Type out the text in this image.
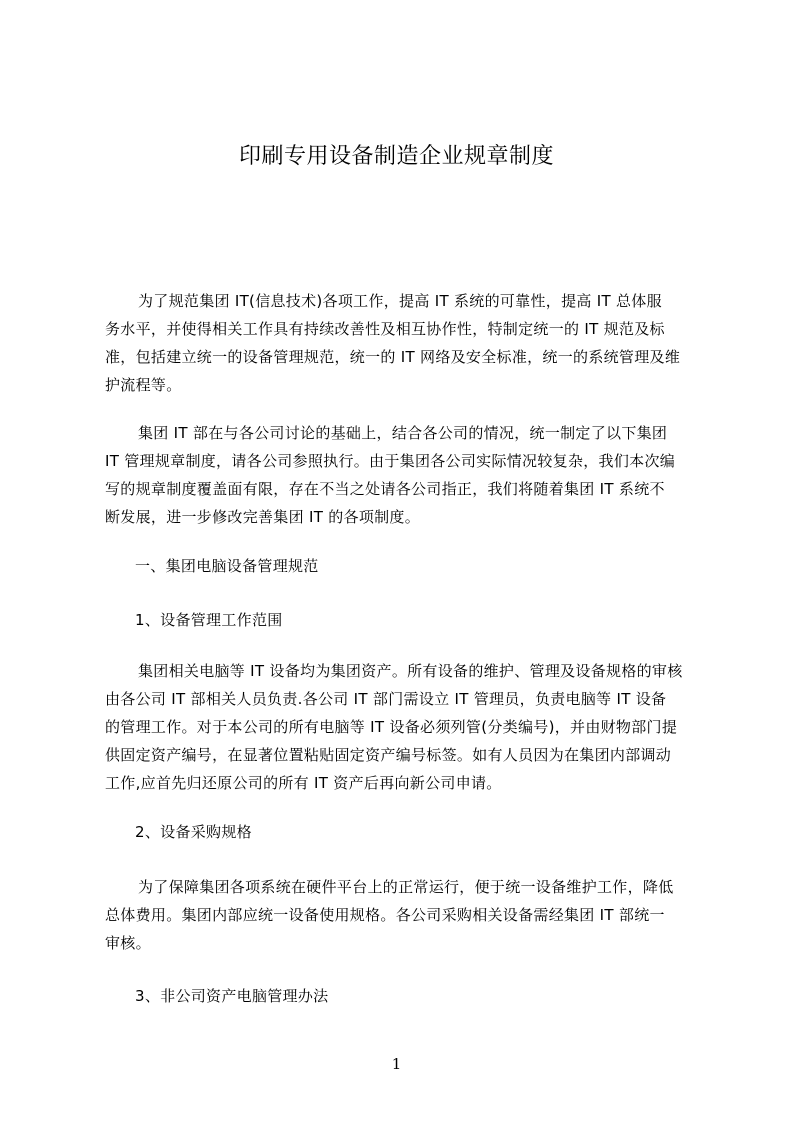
印刷专用设备制造企业规章制度
为了规范集团 IT(信息技术)各项工作，提高 IT 系统的可靠性，提高 IT 总体服
务水平，并使得相关工作具有持续改善性及相互协作性，特制定统一的 IT 规范及标
准，包括建立统一的设备管理规范，统一的 IT 网络及安全标准，统一的系统管理及维
护流程等。
集团 IT 部在与各公司讨论的基础上，结合各公司的情况，统一制定了以下集团
IT 管理规章制度，请各公司参照执行。由于集团各公司实际情况较复杂，我们本次编
写的规章制度覆盖面有限，存在不当之处请各公司指正，我们将随着集团 IT 系统不
断发展，进一步修改完善集团 IT 的各项制度。
一、集团电脑设备管理规范
1、设备管理工作范围
集团相关电脑等 IT 设备均为集团资产。所有设备的维护、管理及设备规格的审核
由各公司 IT 部相关人员负责.各公司 IT 部门需设立 IT 管理员，负责电脑等 IT 设备
的管理工作。对于本公司的所有电脑等 IT 设备必须列管(分类编号)，并由财物部门提
供固定资产编号，在显著位置粘贴固定资产编号标签。如有人员因为在集团内部调动
工作,应首先归还原公司的所有 IT 资产后再向新公司申请。
2、设备采购规格
为了保障集团各项系统在硬件平台上的正常运行，便于统一设备维护工作，降低
总体费用。集团内部应统一设备使用规格。各公司采购相关设备需经集团 IT 部统一
审核。
3、非公司资产电脑管理办法
1
